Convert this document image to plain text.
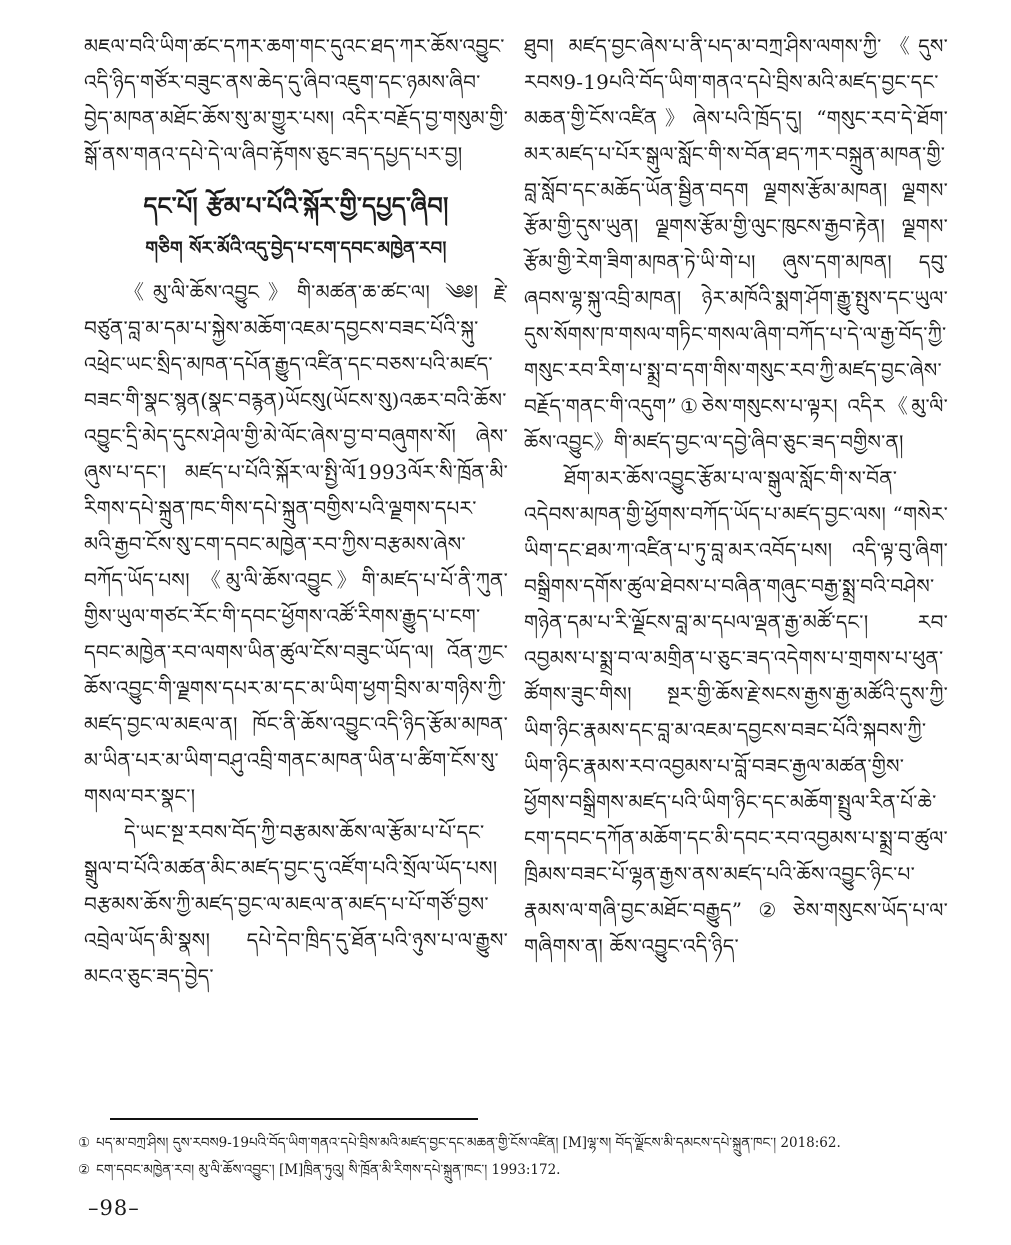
མཇལ་བའི་ཡིག་ཚང་དཀར་ཆག་གང་དུའང་ཐད་ཀར་ཆོས་འབྱུང་འདི་ཉིད་གཙོར་བཟུང་ནས་ཆེད་དུ་ཞིབ་འཇུག་དང་ཉམས་ཞིབ་བྱེད་མཁན་མཐོང་ཆོས་སུ་མ་གྱུར་པས། འདིར་བརྗོད་བྱ་གསུམ་གྱི་སྒོ་ནས་གནའ་དཔེ་དེ་ལ་ཞིབ་རྟོགས་ཅུང་ཟད་དཔྱད་པར་བྱ།

དང་པོ། རྩོམ་པ་པོའི་སྐོར་གྱི་དཔྱད་ཞིབ།

གཅིག སོར་མོའི་འདུ་བྱེད་པ་ངག་དབང་མཁྱེན་རབ།

《མུ་ལི་ཆོས་འབྱུང》གི་མཚན་ཆ་ཚང་ལ། ༄༅། རྗེ་བཙུན་བླ་མ་དམ་པ་སྐྱེས་མཆོག་འཇམ་དབྱངས་བཟང་པོའི་སྐུ་འཕྲེང་ཡང་སྲིད་མཁན་དཔོན་རྒྱུད་འཛིན་དང་བཅས་པའི་མཛད་བཟང་གི་སྣང་སྙན(སྣང་བརྙན)ཡོངསུ(ཡོངས་སུ)འཆར་བའི་ཆོས་འབྱུང་དྲི་མེད་དུངས་ཤེལ་གྱི་མེ་ལོང་ཞེས་བྱ་བ་བཞུགས་སོ། ཞེས་ཞུས་པ་དང་། མཛད་པ་པོའི་སྐོར་ལ་སྤྱི་ལོ1993ལོར་སི་ཁྲོན་མི་རིགས་དཔེ་སྐྲུན་ཁང་གིས་དཔེ་སྐྲུན་བགྱིས་པའི་ལྗགས་དཔར་མའི་རྒྱབ་ངོས་སུ་ངག་དབང་མཁྱེན་རབ་ཀྱིས་བརྩམས་ཞེས་བཀོད་ཡོད་པས། 《མུ་ལི་ཆོས་འབྱུང》གི་མཛད་པ་པོ་ནི་ཀུན་གྱིས་ཡུལ་གཙང་རོང་གི་དབང་ཕྱོགས་འཚོ་རིགས་རྒྱུད་པ་ངག་དབང་མཁྱེན་རབ་ལགས་ཡིན་ཚུལ་ངོས་བཟུང་ཡོད་ལ། འོན་ཀྱང་ཆོས་འབྱུང་གི་ལྗགས་དཔར་མ་དང་མ་ཡིག་ཕྱག་བྲིས་མ་གཉིས་ཀྱི་མཛད་བྱང་ལ་མཇལ་ན། ཁོང་ནི་ཆོས་འབྱུང་འདི་ཉིད་རྩོམ་མཁན་མ་ཡིན་པར་མ་ཡིག་བཤུ་འབྲི་གནང་མཁན་ཡིན་པ་ཚིག་ངོས་སུ་གསལ་བར་སྣང་།

དེ་ཡང་སྔ་རབས་བོད་ཀྱི་བརྩམས་ཆོས་ལ་རྩོམ་པ་པོ་དང་སྒྲུལ་བ་པོའི་མཚན་མིང་མཛད་བྱང་དུ་འཛོག་པའི་སྲོལ་ཡོད་པས། བརྩམས་ཆོས་ཀྱི་མཛད་བྱང་ལ་མཇལ་ན་མཛད་པ་པོ་གཙོ་བྱས་འབྲེལ་ཡོད་མི་སྣས། དཔེ་དེབ་ཁྲིད་དུ་ཐོན་པའི་ཉུས་པ་ལ་རྒྱུས་མངའ་ཅུང་ཟད་བྱེད་

ཐུབ། མཛད་བྱང་ཞེས་པ་ནི་པད་མ་བཀྲ་ཤིས་ལགས་ཀྱི་《དུས་རབས9-19པའི་བོད་ཡིག་གནའ་དཔེ་བྲིས་མའི་མཛད་བྱང་དང་མཆན་གྱི་ངོས་འཛིན》ཞེས་པའི་ཁྲོད་དུ། “གསུང་རབ་དེ་ཐོག་མར་མཛད་པ་པོར་སྒུལ་སློང་གི་ས་བོན་ཐད་ཀར་བསྐྲུན་མཁན་གྱི་བླ་སློབ་དང་མཆོད་ཡོན་སྦྱིན་བདག ལྗགས་རྩོམ་མཁན། ལྗགས་རྩོམ་གྱི་དུས་ཡུན། ལྗགས་རྩོམ་གྱི་ལུང་ཁུངས་རྒྱབ་རྟེན། ལྗགས་རྩོམ་གྱི་རེག་ཟིག་མཁན་ཏེ་ཡི་གེ་པ། ཞུས་དག་མཁན། དབུ་ཞབས་ལྷ་སྐུ་འབྲི་མཁན། ཉེར་མཁོའི་སྨག་ཤོག་རྒྱུ་སྤུས་དང་ཡུལ་དུས་སོགས་ཁ་གསལ་གཏིང་གསལ་ཞིག་བཀོད་པ་དེ་ལ་རྒྱ་བོད་ཀྱི་གསུང་རབ་རིག་པ་སྨྲ་བ་དག་གིས་གསུང་རབ་ཀྱི་མཛད་བྱང་ཞེས་བརྗོད་གནང་གི་འདུག”①ཅེས་གསུངས་པ་ལྟར། འདིར《མུ་ལི་ཆོས་འབྱུང》གི་མཛད་བྱང་ལ་དབྱེ་ཞིབ་ཅུང་ཟད་བགྱིས་ན།

ཐོག་མར་ཆོས་འབྱུང་རྩོམ་པ་ལ་སྒུལ་སློང་གི་ས་བོན་འདེབས་མཁན་གྱི་ཕྱོགས་བཀོད་ཡོད་པ་མཛད་བྱང་ལས། “གསེར་ཡིག་དང་ཐམ་ཀ་འཛིན་པ་ཏུ་བླ་མར་འབོད་པས། འདི་ལྟ་བུ་ཞིག་བསྒྲིགས་དགོས་ཚུལ་ཐེབས་པ་བཞིན་གཞུང་བརྒྱ་སྨྲ་བའི་བཤེས་གཉེན་དམ་པ་རི་ལྗོངས་བླ་མ་དཔལ་ལྡན་རྒྱ་མཚོ་དང་། རབ་འབྱམས་པ་སྨྲ་བ་ལ་མགྲིན་པ་ཅུང་ཟད་འདེགས་པ་གྲགས་པ་ཕུན་ཚོགས་ཟུང་གིས། སྔར་གྱི་ཆོས་རྗེ་སངས་རྒྱས་རྒྱ་མཚོའི་དུས་ཀྱི་ཡིག་ཉིང་རྣམས་དང་བླ་མ་འཇམ་དབྱངས་བཟང་པོའི་སྐབས་ཀྱི་ཡིག་ཉིང་རྣམས་རབ་འབྱམས་པ་བློ་བཟང་རྒྱལ་མཚན་གྱིས་ཕྱོགས་བསྒྲིགས་མཛད་པའི་ཡིག་ཉིང་དང་མཆོག་སྤྲུལ་རིན་པོ་ཆེ་ངག་དབང་དཀོན་མཆོག་དང་མི་དབང་རབ་འབྱམས་པ་སྨྲ་བ་ཚུལ་ཁྲིམས་བཟང་པོ་ལྷན་རྒྱས་ནས་མཛད་པའི་ཆོས་འབྱུང་ཉིང་པ་རྣམས་ལ་གཞི་བྱང་མཐོང་བརྒྱུད”②ཅེས་གསུངས་ཡོད་པ་ལ་གཞིགས་ན། ཆོས་འབྱུང་འདི་ཉིད་

① པད་མ་བཀྲ་ཤིས། དུས་རབས9-19པའི་བོད་ཡིག་གནའ་དཔེ་བྲིས་མའི་མཛད་བྱང་དང་མཆན་གྱི་ངོས་འཛིན། [M]ལྷ་ས། བོད་ལྗོངས་མི་དམངས་དཔེ་སྐྲུན་ཁང་། 2018:62.
② ངག་དབང་མཁྱེན་རབ། མུ་ལི་ཆོས་འབྱུང་། [M]ཁྲིན་ཏུའུ། སི་ཁྲོན་མི་རིགས་དཔེ་སྐྲུན་ཁང་། 1993:172.
–98–
